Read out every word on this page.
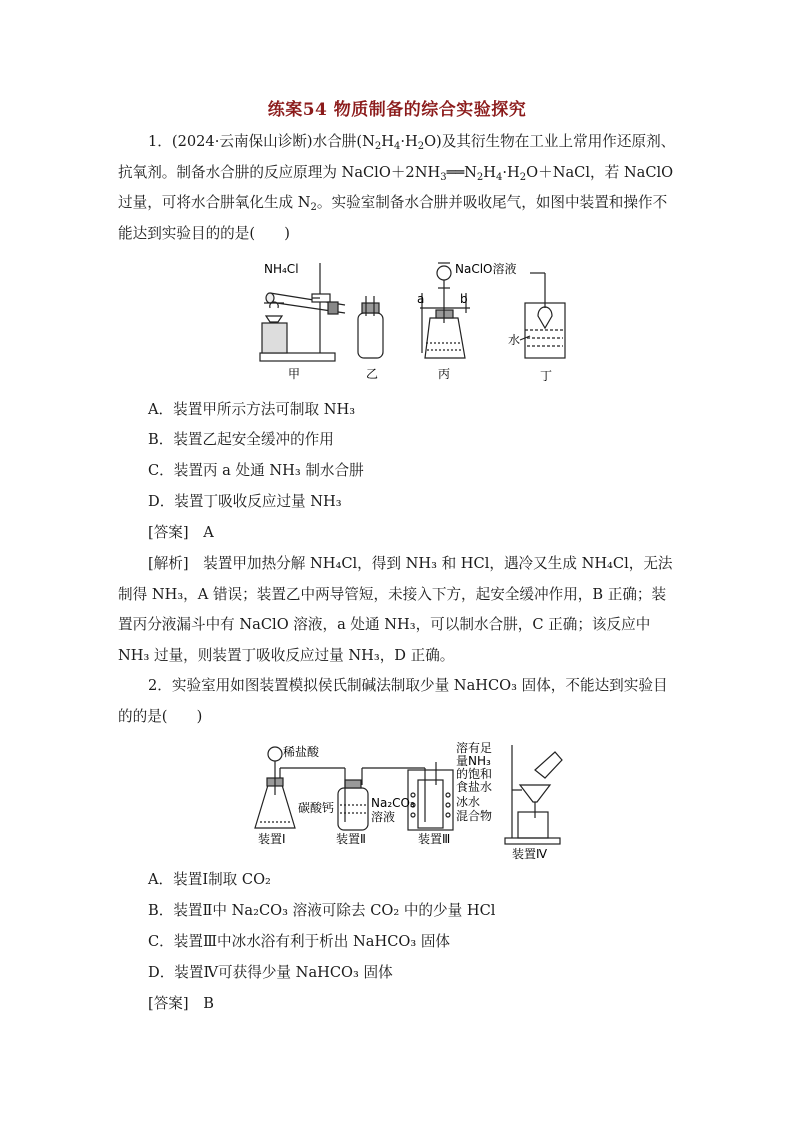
练案54 物质制备的综合实验探究
1．(2024·云南保山诊断)水合肼$(N_2H_4\cdot H_2O)$及其衍生物在工业上常用作还原剂、抗氧剂。制备水合肼的反应原理为 $NaClO+2NH_3══N_2H_4\cdot H_2O+NaCl$，若 NaClO 过量，可将水合肼氧化生成 $N_2$。实验室制备水合肼并吸收尾气，如图中装置和操作不能达到实验目的的是(　　)
NH₄Cl	NaClO溶液
a	b
水
甲	乙	丙	丁
A．装置甲所示方法可制取 NH₃
B．装置乙起安全缓冲的作用
C．装置丙 a 处通 NH₃ 制水合肼
D．装置丁吸收反应过量 NH₃
[答案]　 A
[解析]　 装置甲加热分解 NH₄Cl，得到 NH₃ 和 HCl，遇冷又生成 NH₄Cl，无法制得 NH₃，A 错误；装置乙中两导管短，未接入下方，起安全缓冲作用，B 正确；装置丙分液漏斗中有 NaClO 溶液，a 处通 NH₃，可以制水合肼，C 正确；该反应中 NH₃ 过量，则装置丁吸收反应过量 NH₃，D 正确。
2．实验室用如图装置模拟侯氏制碱法制取少量 NaHCO₃ 固体，不能达到实验目的的是(　　)
稀盐酸
碳酸钙	Na₂CO₃
溶液
溶有足
量NH₃
的饱和
食盐水
冰水
混合物
装置Ⅰ	装置Ⅱ	装置Ⅲ
装置Ⅳ
A．装置Ⅰ制取 CO₂
B．装置Ⅱ中 Na₂CO₃ 溶液可除去 CO₂ 中的少量 HCl
C．装置Ⅲ中冰水浴有利于析出 NaHCO₃ 固体
D．装置Ⅳ可获得少量 NaHCO₃ 固体
[答案]　 B
